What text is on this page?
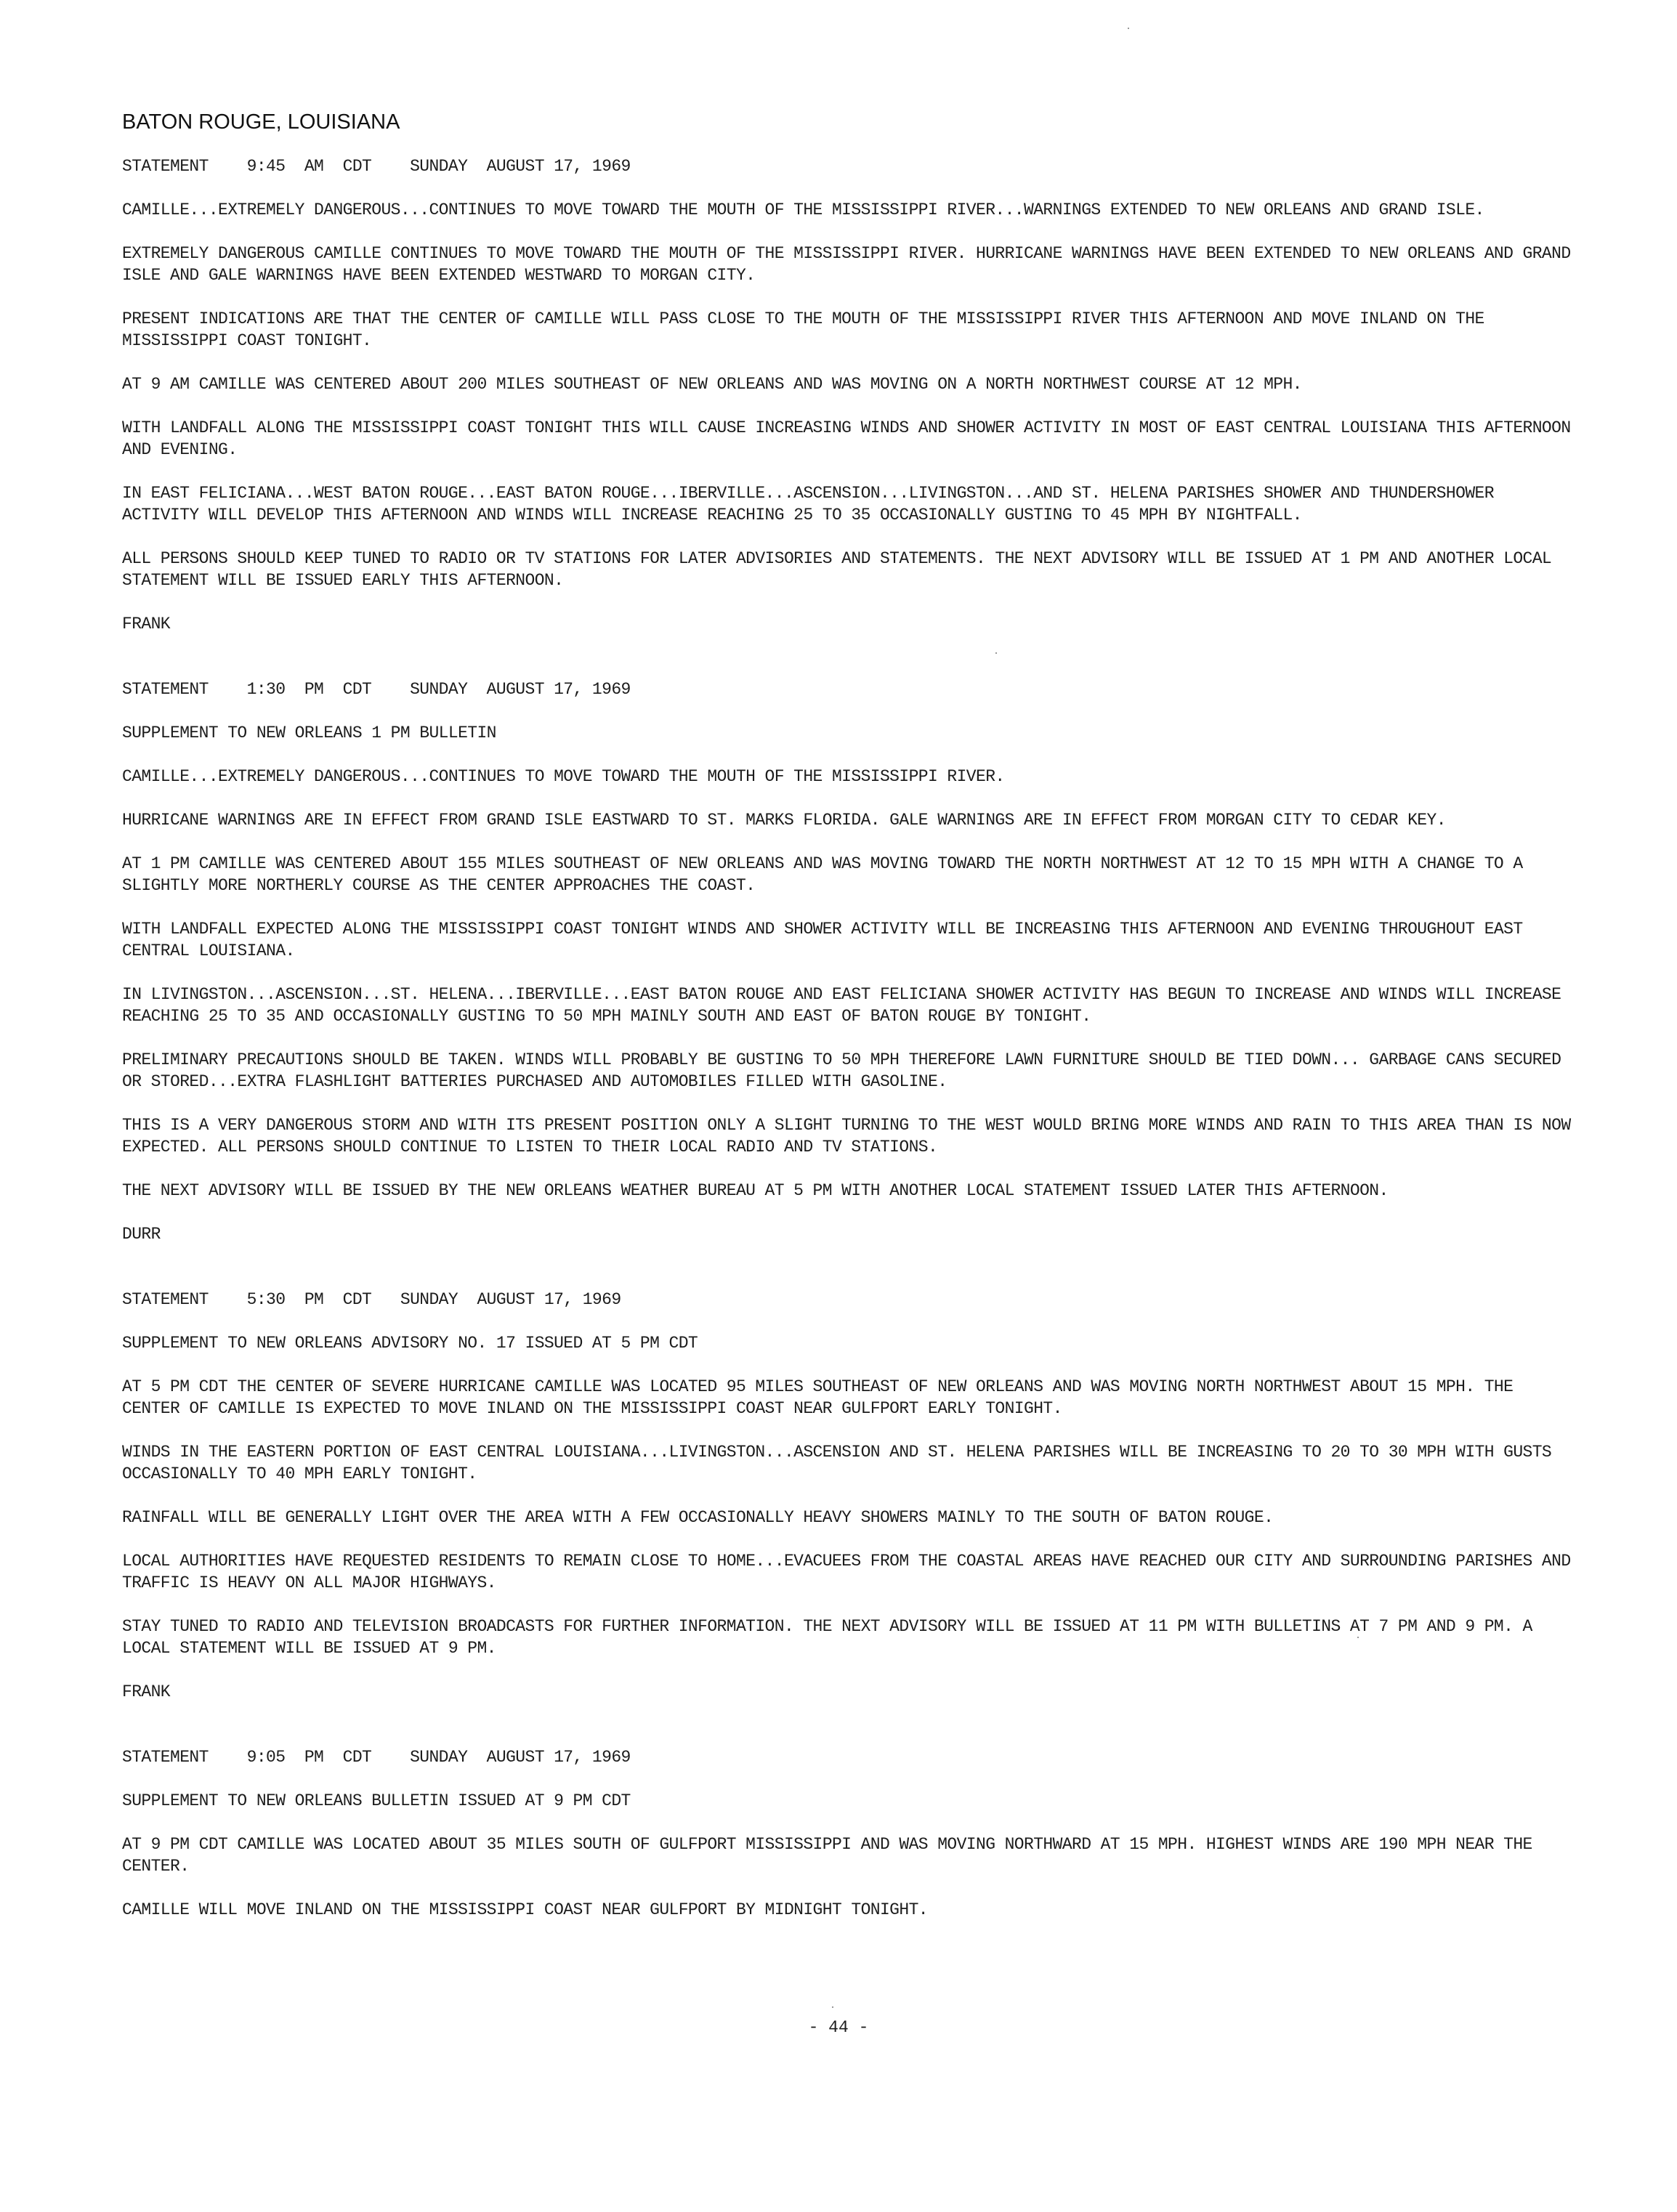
BATON ROUGE, LOUISIANA
STATEMENT    9:45  AM  CDT    SUNDAY  AUGUST 17, 1969

CAMILLE...EXTREMELY DANGEROUS...CONTINUES TO MOVE TOWARD THE MOUTH OF THE MISSISSIPPI RIVER...WARNINGS EXTENDED TO NEW ORLEANS AND GRAND ISLE.

EXTREMELY DANGEROUS CAMILLE CONTINUES TO MOVE TOWARD THE MOUTH OF THE MISSISSIPPI RIVER. HURRICANE WARNINGS HAVE BEEN EXTENDED TO NEW ORLEANS AND GRAND ISLE AND GALE WARNINGS HAVE BEEN EXTENDED WESTWARD TO MORGAN CITY.

PRESENT INDICATIONS ARE THAT THE CENTER OF CAMILLE WILL PASS CLOSE TO THE MOUTH OF THE MISSISSIPPI RIVER THIS AFTERNOON AND MOVE INLAND ON THE MISSISSIPPI COAST TONIGHT.

AT 9 AM CAMILLE WAS CENTERED ABOUT 200 MILES SOUTHEAST OF NEW ORLEANS AND WAS MOVING ON A NORTH NORTHWEST COURSE AT 12 MPH.

WITH LANDFALL ALONG THE MISSISSIPPI COAST TONIGHT THIS WILL CAUSE INCREASING WINDS AND SHOWER ACTIVITY IN MOST OF EAST CENTRAL LOUISIANA THIS AFTERNOON AND EVENING.

IN EAST FELICIANA...WEST BATON ROUGE...EAST BATON ROUGE...IBERVILLE...ASCENSION...LIVINGSTON...AND ST. HELENA PARISHES SHOWER AND THUNDERSHOWER ACTIVITY WILL DEVELOP THIS AFTERNOON AND WINDS WILL INCREASE REACHING 25 TO 35 OCCASIONALLY GUSTING TO 45 MPH BY NIGHTFALL.

ALL PERSONS SHOULD KEEP TUNED TO RADIO OR TV STATIONS FOR LATER ADVISORIES AND STATEMENTS. THE NEXT ADVISORY WILL BE ISSUED AT 1 PM AND ANOTHER LOCAL STATEMENT WILL BE ISSUED EARLY THIS AFTERNOON.

FRANK

STATEMENT    1:30  PM  CDT    SUNDAY  AUGUST 17, 1969

SUPPLEMENT TO NEW ORLEANS 1 PM BULLETIN

CAMILLE...EXTREMELY DANGEROUS...CONTINUES TO MOVE TOWARD THE MOUTH OF THE MISSISSIPPI RIVER.

HURRICANE WARNINGS ARE IN EFFECT FROM GRAND ISLE EASTWARD TO ST. MARKS FLORIDA. GALE WARNINGS ARE IN EFFECT FROM MORGAN CITY TO CEDAR KEY.

AT 1 PM CAMILLE WAS CENTERED ABOUT 155 MILES SOUTHEAST OF NEW ORLEANS AND WAS MOVING TOWARD THE NORTH NORTHWEST AT 12 TO 15 MPH WITH A CHANGE TO A SLIGHTLY MORE NORTHERLY COURSE AS THE CENTER APPROACHES THE COAST.

WITH LANDFALL EXPECTED ALONG THE MISSISSIPPI COAST TONIGHT WINDS AND SHOWER ACTIVITY WILL BE INCREASING THIS AFTERNOON AND EVENING THROUGHOUT EAST CENTRAL LOUISIANA.

IN LIVINGSTON...ASCENSION...ST. HELENA...IBERVILLE...EAST BATON ROUGE AND EAST FELICIANA SHOWER ACTIVITY HAS BEGUN TO INCREASE AND WINDS WILL INCREASE REACHING 25 TO 35 AND OCCASIONALLY GUSTING TO 50 MPH MAINLY SOUTH AND EAST OF BATON ROUGE BY TONIGHT.

PRELIMINARY PRECAUTIONS SHOULD BE TAKEN. WINDS WILL PROBABLY BE GUSTING TO 50 MPH THEREFORE LAWN FURNITURE SHOULD BE TIED DOWN... GARBAGE CANS SECURED OR STORED...EXTRA FLASHLIGHT BATTERIES PURCHASED AND AUTOMOBILES FILLED WITH GASOLINE.

THIS IS A VERY DANGEROUS STORM AND WITH ITS PRESENT POSITION ONLY A SLIGHT TURNING TO THE WEST WOULD BRING MORE WINDS AND RAIN TO THIS AREA THAN IS NOW EXPECTED. ALL PERSONS SHOULD CONTINUE TO LISTEN TO THEIR LOCAL RADIO AND TV STATIONS.

THE NEXT ADVISORY WILL BE ISSUED BY THE NEW ORLEANS WEATHER BUREAU AT 5 PM WITH ANOTHER LOCAL STATEMENT ISSUED LATER THIS AFTERNOON.

DURR

STATEMENT    5:30  PM  CDT   SUNDAY  AUGUST 17, 1969

SUPPLEMENT TO NEW ORLEANS ADVISORY NO. 17 ISSUED AT 5 PM CDT

AT 5 PM CDT THE CENTER OF SEVERE HURRICANE CAMILLE WAS LOCATED 95 MILES SOUTHEAST OF NEW ORLEANS AND WAS MOVING NORTH NORTHWEST ABOUT 15 MPH. THE CENTER OF CAMILLE IS EXPECTED TO MOVE INLAND ON THE MISSISSIPPI COAST NEAR GULFPORT EARLY TONIGHT.

WINDS IN THE EASTERN PORTION OF EAST CENTRAL LOUISIANA...LIVINGSTON...ASCENSION AND ST. HELENA PARISHES WILL BE INCREASING TO 20 TO 30 MPH WITH GUSTS OCCASIONALLY TO 40 MPH EARLY TONIGHT.

RAINFALL WILL BE GENERALLY LIGHT OVER THE AREA WITH A FEW OCCASIONALLY HEAVY SHOWERS MAINLY TO THE SOUTH OF BATON ROUGE.

LOCAL AUTHORITIES HAVE REQUESTED RESIDENTS TO REMAIN CLOSE TO HOME...EVACUEES FROM THE COASTAL AREAS HAVE REACHED OUR CITY AND SURROUNDING PARISHES AND TRAFFIC IS HEAVY ON ALL MAJOR HIGHWAYS.

STAY TUNED TO RADIO AND TELEVISION BROADCASTS FOR FURTHER INFORMATION. THE NEXT ADVISORY WILL BE ISSUED AT 11 PM WITH BULLETINS AT 7 PM AND 9 PM. A LOCAL STATEMENT WILL BE ISSUED AT 9 PM.

FRANK

STATEMENT    9:05  PM  CDT    SUNDAY  AUGUST 17, 1969

SUPPLEMENT TO NEW ORLEANS BULLETIN ISSUED AT 9 PM CDT

AT 9 PM CDT CAMILLE WAS LOCATED ABOUT 35 MILES SOUTH OF GULFPORT MISSISSIPPI AND WAS MOVING NORTHWARD AT 15 MPH. HIGHEST WINDS ARE 190 MPH NEAR THE CENTER.

CAMILLE WILL MOVE INLAND ON THE MISSISSIPPI COAST NEAR GULFPORT BY MIDNIGHT TONIGHT.

- 44 -
